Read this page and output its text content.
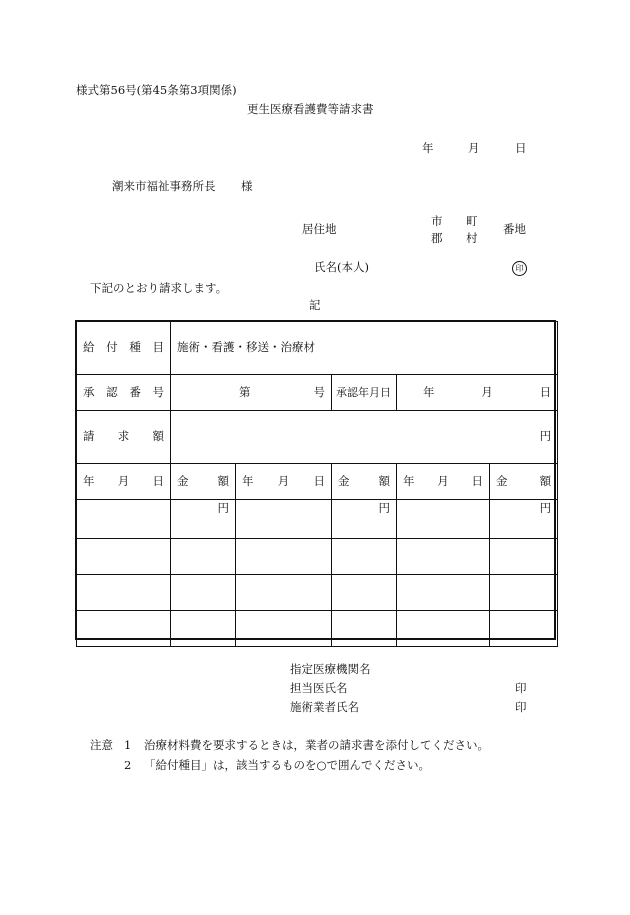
様式第56号(第45条第3項関係)
更生医療看護費等請求書
年	月	日
潮来市福祉事務所長 様
居住地
市
郡
町
村
番地
氏名(本人)	印
下記のとおり請求します。
記
給 付 種 目	施術・看護・移送・治療材				

承 認 番 号	第 号		承認年月日	年 月 日	

請 求 額	円				

年 月 日	金 額	年 月 日	金 額	年 月 日	金 額

	円		円		円

指定医療機関名
担当医氏名	印
施術業者氏名	印
注意 1 治療材料費を要求するときは，業者の請求書を添付してください。
2 「給付種目」は，該当するものを○で囲んでください。
